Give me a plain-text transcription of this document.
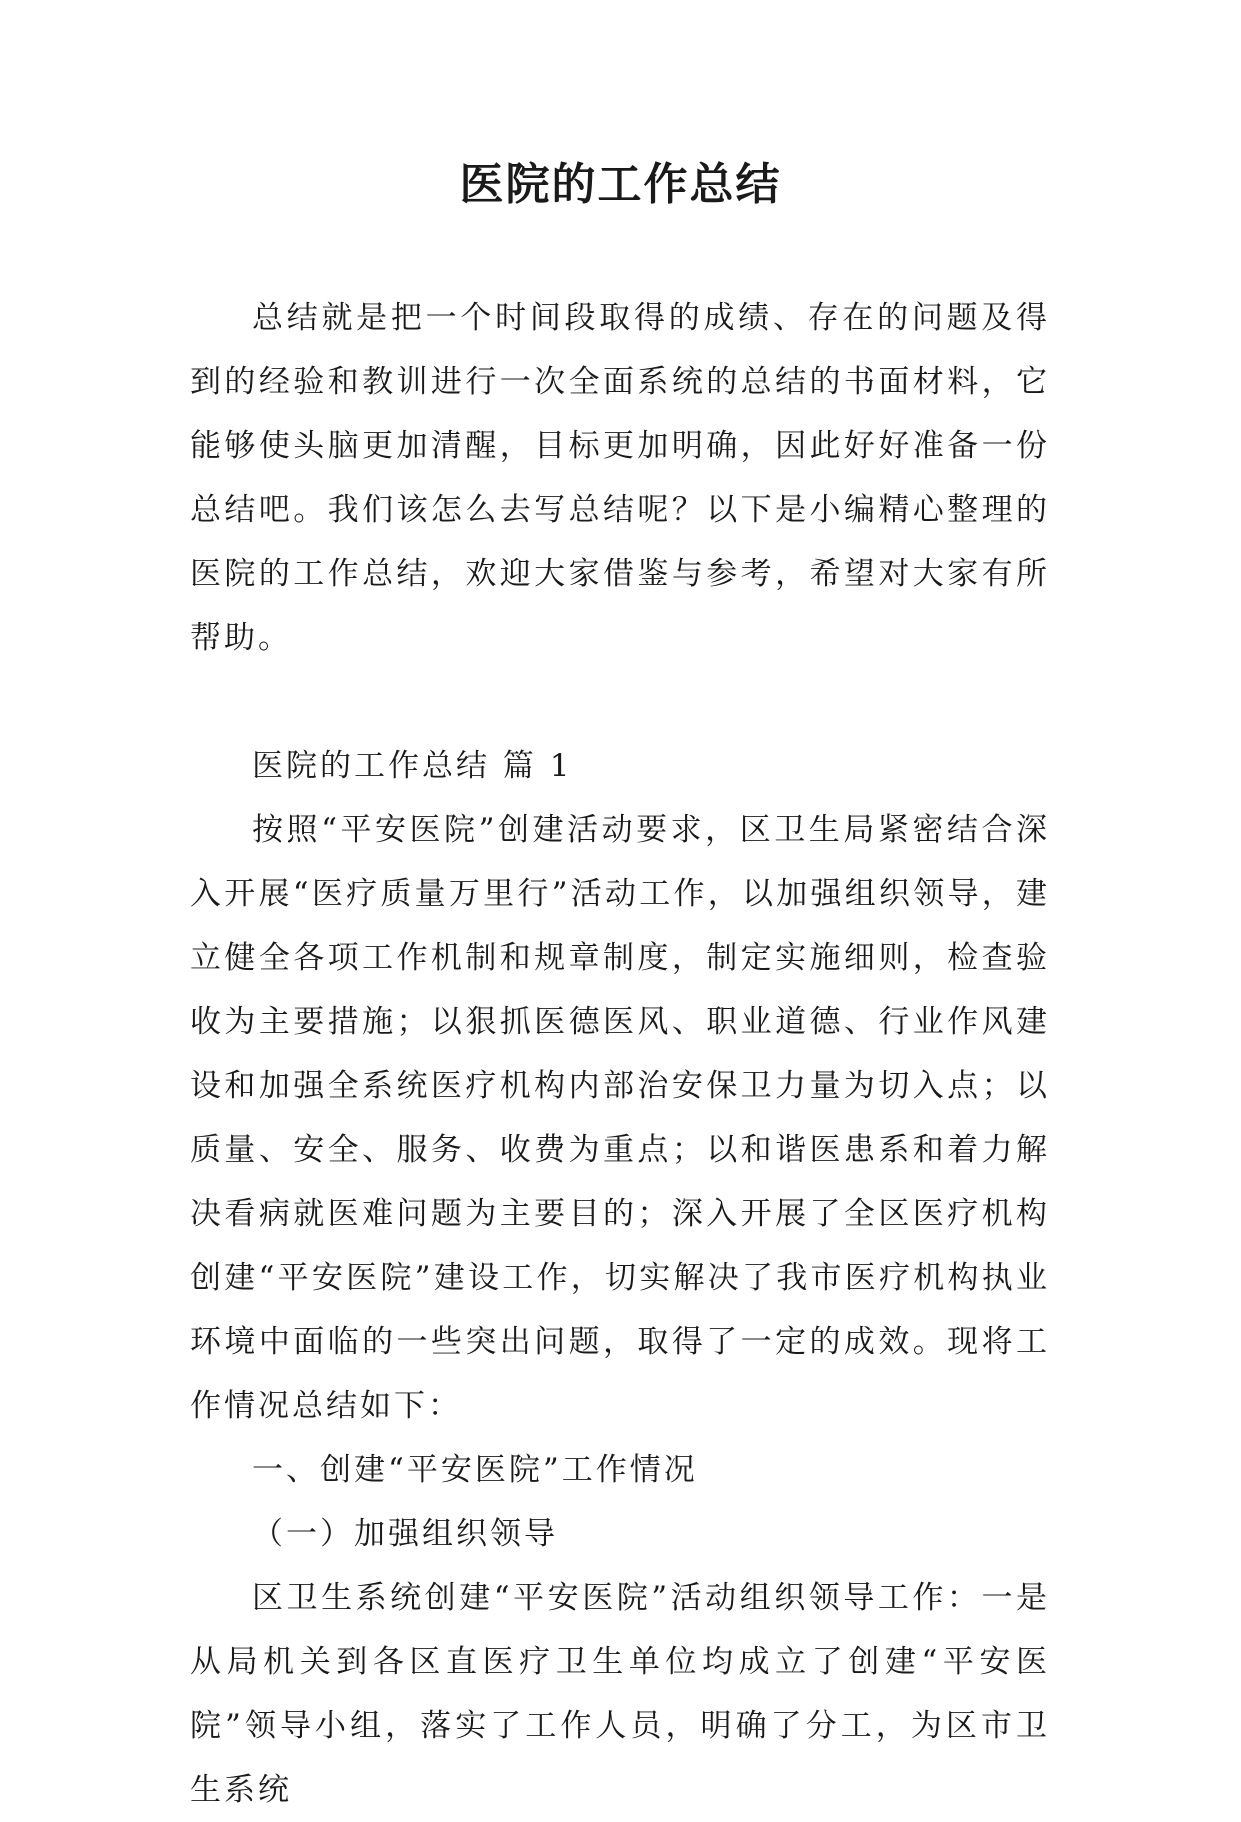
医院的工作总结

总结就是把一个时间段取得的成绩、存在的问题及得到的经验和教训进行一次全面系统的总结的书面材料，它能够使头脑更加清醒，目标更加明确，因此好好准备一份总结吧。我们该怎么去写总结呢？以下是小编精心整理的医院的工作总结，欢迎大家借鉴与参考，希望对大家有所帮助。

医院的工作总结 篇 1

按照“平安医院”创建活动要求，区卫生局紧密结合深入开展“医疗质量万里行”活动工作，以加强组织领导，建立健全各项工作机制和规章制度，制定实施细则，检查验收为主要措施；以狠抓医德医风、职业道德、行业作风建设和加强全系统医疗机构内部治安保卫力量为切入点；以质量、安全、服务、收费为重点；以和谐医患系和着力解决看病就医难问题为主要目的；深入开展了全区医疗机构创建“平安医院”建设工作，切实解决了我市医疗机构执业环境中面临的一些突出问题，取得了一定的成效。现将工作情况总结如下：

一、创建“平安医院”工作情况

（一）加强组织领导

区卫生系统创建“平安医院”活动组织领导工作：一是从局机关到各区直医疗卫生单位均成立了创建“平安医院”领导小组，落实了工作人员，明确了分工，为区市卫生系统
